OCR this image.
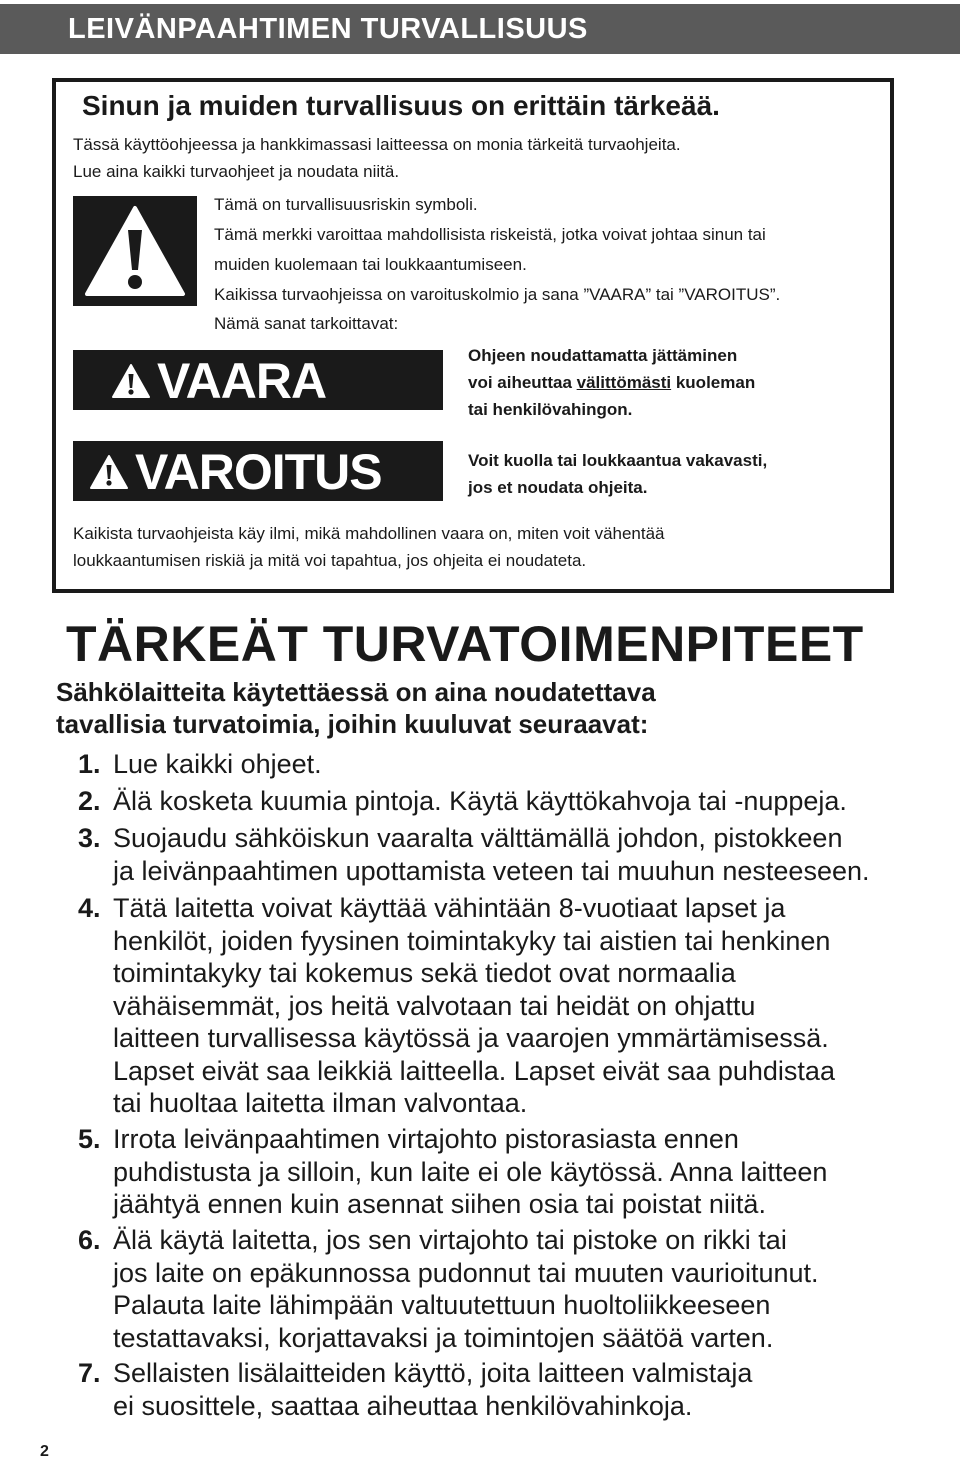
LEIVÄNPAAHTIMEN TURVALLISUUS
Sinun ja muiden turvallisuus on erittäin tärkeää.
Tässä käyttöohjeessa ja hankkimassasi laitteessa on monia tärkeitä turvaohjeita.
Lue aina kaikki turvaohjeet ja noudata niitä.
Tämä on turvallisuusriskin symboli.
Tämä merkki varoittaa mahdollisista riskeistä, jotka voivat johtaa sinun tai
muiden kuolemaan tai loukkaantumiseen.
Kaikissa turvaohjeissa on varoituskolmio ja sana ”VAARA” tai ”VAROITUS”.
Nämä sanat tarkoittavat:
VAARA	Ohjeen noudattamatta jättäminen
voi aiheuttaa välittömästi kuoleman
tai henkilövahingon.
VAROITUS	Voit kuolla tai loukkaantua vakavasti,
jos et noudata ohjeita.
Kaikista turvaohjeista käy ilmi, mikä mahdollinen vaara on, miten voit vähentää
loukkaantumisen riskiä ja mitä voi tapahtua, jos ohjeita ei noudateta.
TÄRKEÄT TURVATOIMENPITEET
Sähkölaitteita käytettäessä on aina noudatettava
tavallisia turvatoimia, joihin kuuluvat seuraavat:
1. Lue kaikki ohjeet.
2. Älä kosketa kuumia pintoja. Käytä käyttökahvoja tai -nuppeja.
3. Suojaudu sähköiskun vaaralta välttämällä johdon, pistokkeen
ja leivänpaahtimen upottamista veteen tai muuhun nesteeseen.
4. Tätä laitetta voivat käyttää vähintään 8-vuotiaat lapset ja
henkilöt, joiden fyysinen toimintakyky tai aistien tai henkinen
toimintakyky tai kokemus sekä tiedot ovat normaalia
vähäisemmät, jos heitä valvotaan tai heidät on ohjattu
laitteen turvallisessa käytössä ja vaarojen ymmärtämisessä.
Lapset eivät saa leikkiä laitteella. Lapset eivät saa puhdistaa
tai huoltaa laitetta ilman valvontaa.
5. Irrota leivänpaahtimen virtajohto pistorasiasta ennen
puhdistusta ja silloin, kun laite ei ole käytössä. Anna laitteen
jäähtyä ennen kuin asennat siihen osia tai poistat niitä.
6. Älä käytä laitetta, jos sen virtajohto tai pistoke on rikki tai
jos laite on epäkunnossa pudonnut tai muuten vaurioitunut.
Palauta laite lähimpään valtuutettuun huoltoliikkeeseen
testattavaksi, korjattavaksi ja toimintojen säätöä varten.
7. Sellaisten lisälaitteiden käyttö, joita laitteen valmistaja
ei suosittele, saattaa aiheuttaa henkilövahinkoja.
2
